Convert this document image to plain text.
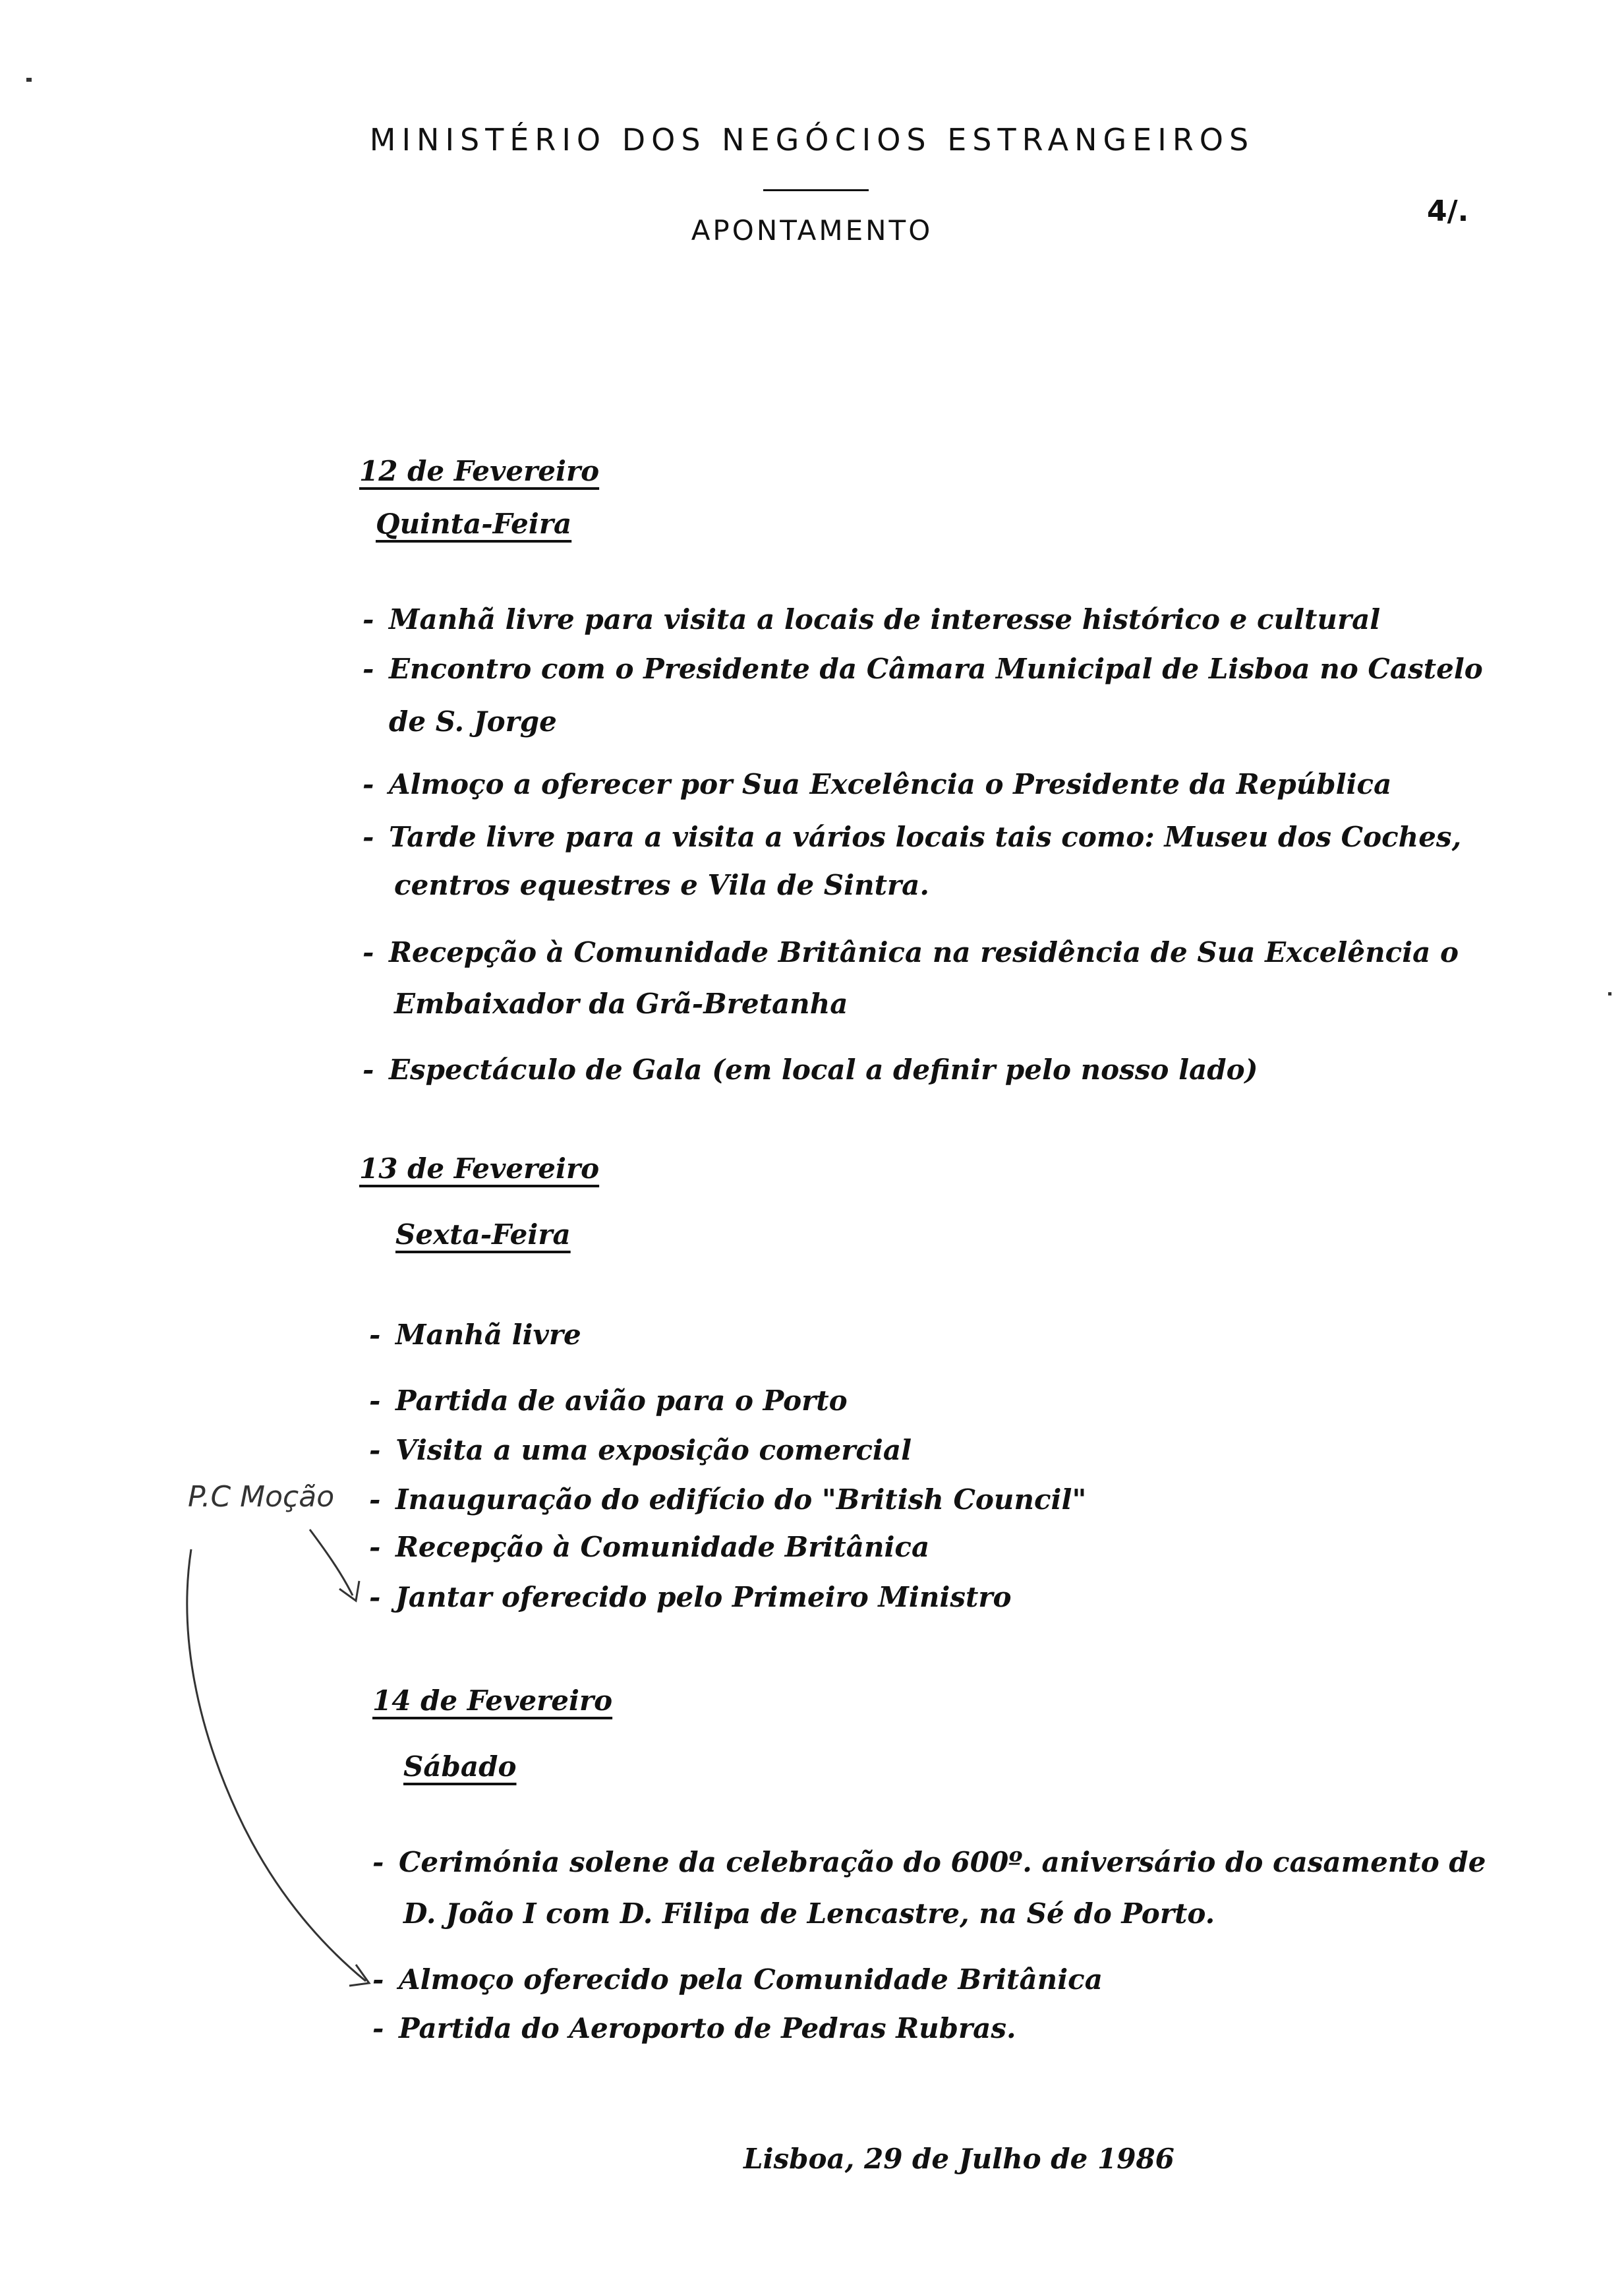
MINISTÉRIO DOS NEGÓCIOS ESTRANGEIROS
APONTAMENTO
4/.
12 de Fevereiro
Quinta-Feira
- Manhã livre para visita a locais de interesse histórico e cultural
- Encontro com o Presidente da Câmara Municipal de Lisboa no Castelo
de S. Jorge
- Almoço a oferecer por Sua Excelência o Presidente da República
- Tarde livre para a visita a vários locais tais como: Museu dos Coches,
centros equestres e Vila de Sintra.
- Recepção à Comunidade Britânica na residência de Sua Excelência o
Embaixador da Grã-Bretanha
- Espectáculo de Gala (em local a definir pelo nosso lado)
13 de Fevereiro
Sexta-Feira
- Manhã livre
- Partida de avião para o Porto
- Visita a uma exposição comercial
- Inauguração do edifício do "British Council"
- Recepção à Comunidade Britânica
- Jantar oferecido pelo Primeiro Ministro
14 de Fevereiro
Sábado
- Cerimónia solene da celebração do 600º. aniversário do casamento de
D. João I com D. Filipa de Lencastre, na Sé do Porto.
- Almoço oferecido pela Comunidade Britânica
- Partida do Aeroporto de Pedras Rubras.
Lisboa, 29 de Julho de 1986
P.C Moção
